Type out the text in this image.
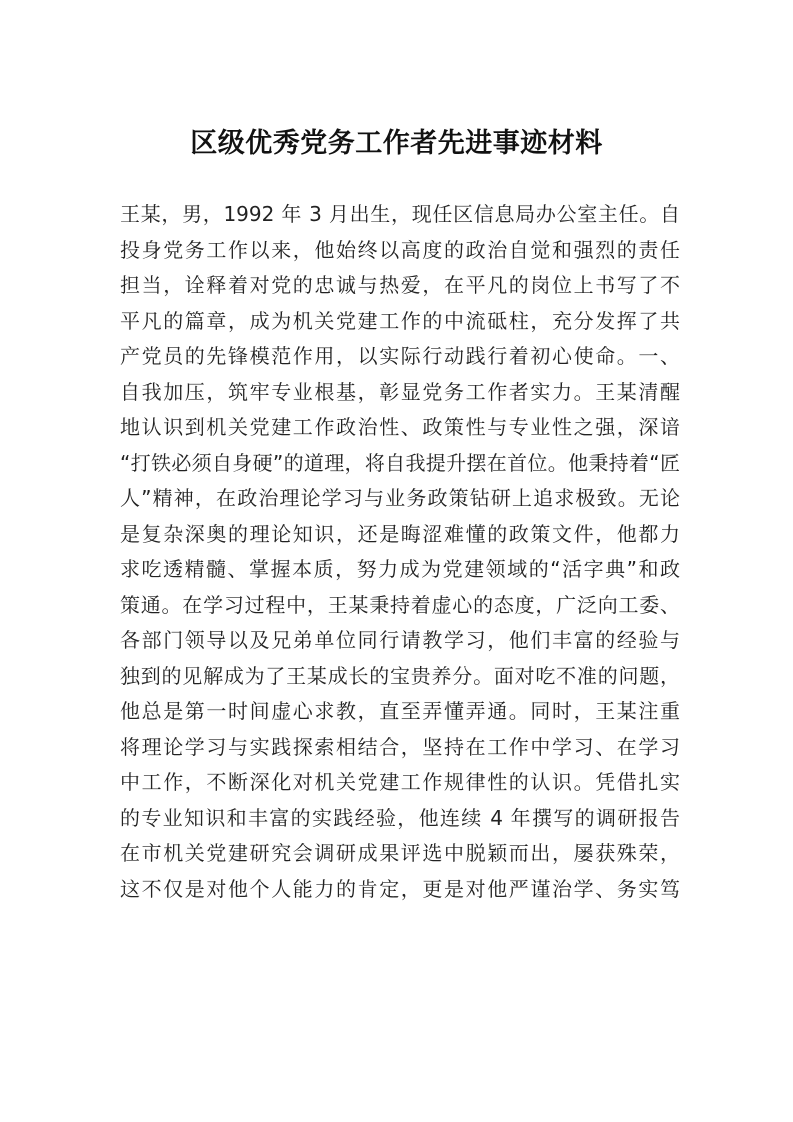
区级优秀党务工作者先进事迹材料
王某，男，1992 年 3 月出生，现任区信息局办公室主任。自
投身党务工作以来，他始终以高度的政治自觉和强烈的责任
担当，诠释着对党的忠诚与热爱，在平凡的岗位上书写了不
平凡的篇章，成为机关党建工作的中流砥柱，充分发挥了共
产党员的先锋模范作用，以实际行动践行着初心使命。一、
自我加压，筑牢专业根基，彰显党务工作者实力。王某清醒
地认识到机关党建工作政治性、政策性与专业性之强，深谙
“打铁必须自身硬”的道理，将自我提升摆在首位。他秉持着“匠
人”精神，在政治理论学习与业务政策钻研上追求极致。无论
是复杂深奥的理论知识，还是晦涩难懂的政策文件，他都力
求吃透精髓、掌握本质，努力成为党建领域的“活字典”和政
策通。在学习过程中，王某秉持着虚心的态度，广泛向工委、
各部门领导以及兄弟单位同行请教学习，他们丰富的经验与
独到的见解成为了王某成长的宝贵养分。面对吃不准的问题，
他总是第一时间虚心求教，直至弄懂弄通。同时，王某注重
将理论学习与实践探索相结合，坚持在工作中学习、在学习
中工作，不断深化对机关党建工作规律性的认识。凭借扎实
的专业知识和丰富的实践经验，他连续 4 年撰写的调研报告
在市机关党建研究会调研成果评选中脱颖而出，屡获殊荣，
这不仅是对他个人能力的肯定，更是对他严谨治学、务实笃
